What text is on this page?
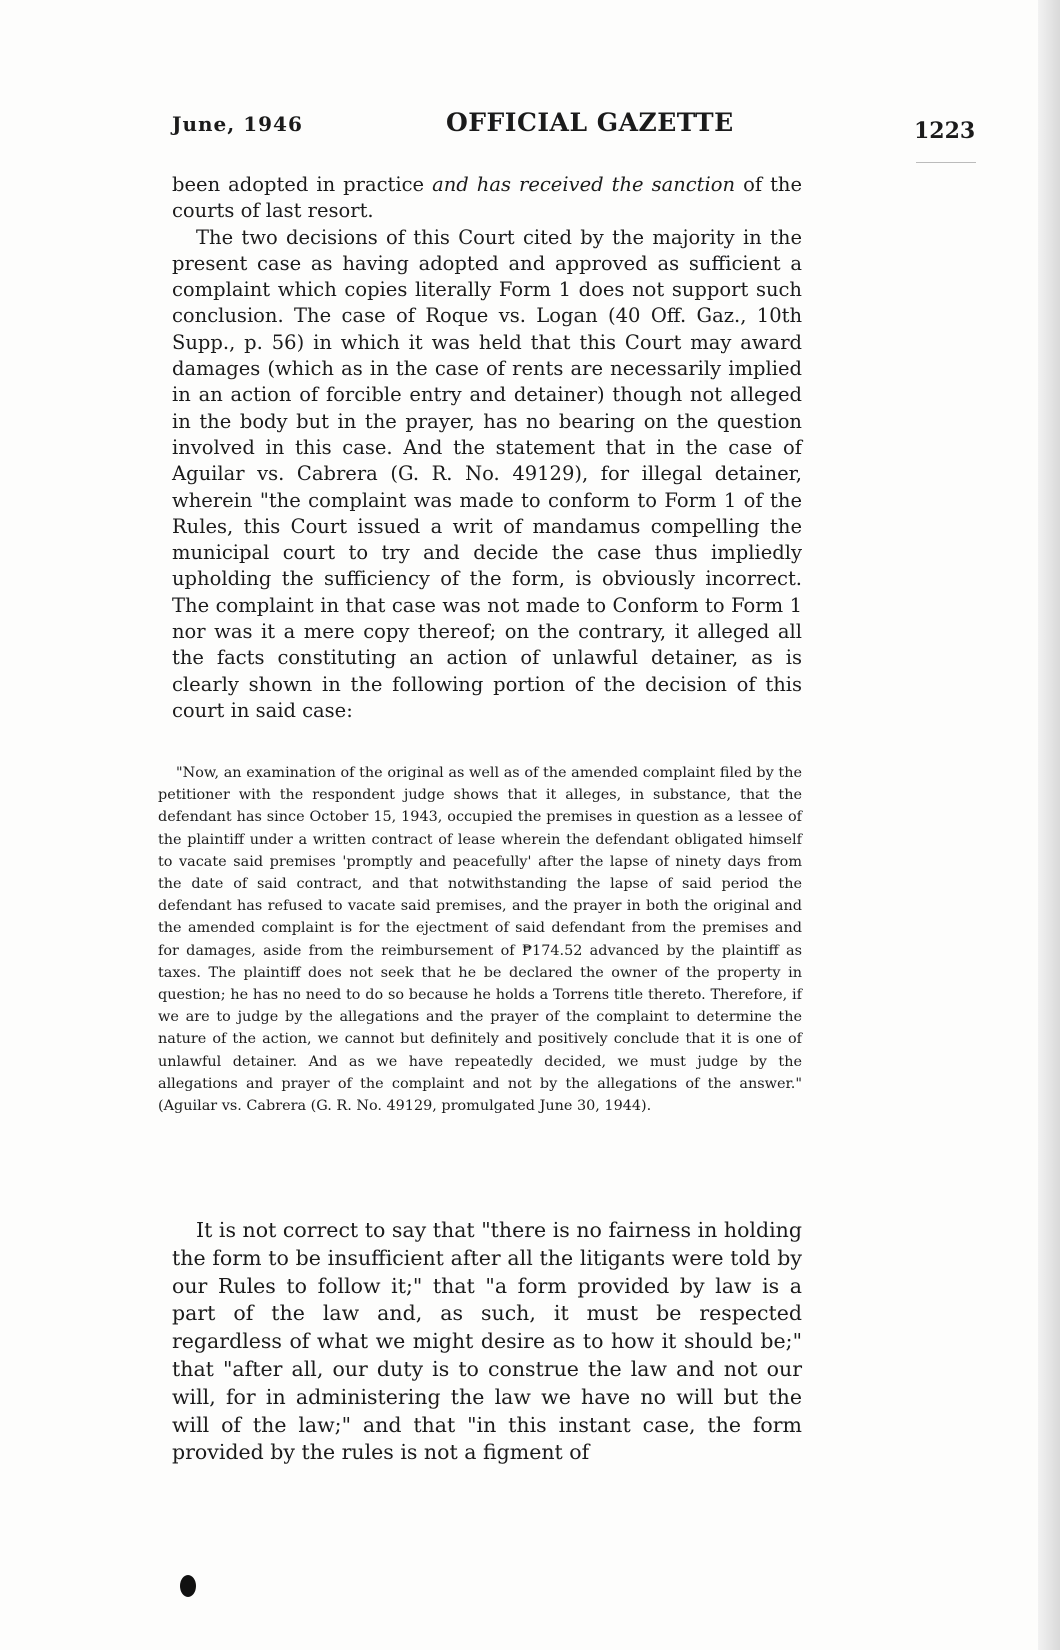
June, 1946	OFFICIAL GAZETTE	1223

been adopted in practice and has received the sanction of the courts of last resort.

The two decisions of this Court cited by the majority in the present case as having adopted and approved as sufficient a complaint which copies literally Form 1 does not support such conclusion. The case of Roque vs. Logan (40 Off. Gaz., 10th Supp., p. 56) in which it was held that this Court may award damages (which as in the case of rents are necessarily implied in an action of forcible entry and detainer) though not alleged in the body but in the prayer, has no bearing on the question involved in this case. And the statement that in the case of Aguilar vs. Cabrera (G. R. No. 49129), for illegal detainer, wherein "the complaint was made to conform to Form 1 of the Rules, this Court issued a writ of mandamus compelling the municipal court to try and decide the case thus impliedly upholding the sufficiency of the form, is obviously incorrect. The complaint in that case was not made to Conform to Form 1 nor was it a mere copy thereof; on the contrary, it alleged all the facts constituting an action of unlawful detainer, as is clearly shown in the following portion of the decision of this court in said case:

"Now, an examination of the original as well as of the amended complaint filed by the petitioner with the respondent judge shows that it alleges, in substance, that the defendant has since October 15, 1943, occupied the premises in question as a lessee of the plaintiff under a written contract of lease wherein the defendant obligated himself to vacate said premises 'promptly and peacefully' after the lapse of ninety days from the date of said contract, and that notwithstanding the lapse of said period the defendant has refused to vacate said premises, and the prayer in both the original and the amended complaint is for the ejectment of said defendant from the premises and for damages, aside from the reimbursement of ₱174.52 advanced by the plaintiff as taxes. The plaintiff does not seek that he be declared the owner of the property in question; he has no need to do so because he holds a Torrens title thereto. Therefore, if we are to judge by the allegations and the prayer of the complaint to determine the nature of the action, we cannot but definitely and positively conclude that it is one of unlawful detainer. And as we have repeatedly decided, we must judge by the allegations and prayer of the complaint and not by the allegations of the answer." (Aguilar vs. Cabrera (G. R. No. 49129, promulgated June 30, 1944).

It is not correct to say that "there is no fairness in holding the form to be insufficient after all the litigants were told by our Rules to follow it;" that "a form provided by law is a part of the law and, as such, it must be respected regardless of what we might desire as to how it should be;" that "after all, our duty is to construe the law and not our will, for in administering the law we have no will but the will of the law;" and that "in this instant case, the form provided by the rules is not a figment of
